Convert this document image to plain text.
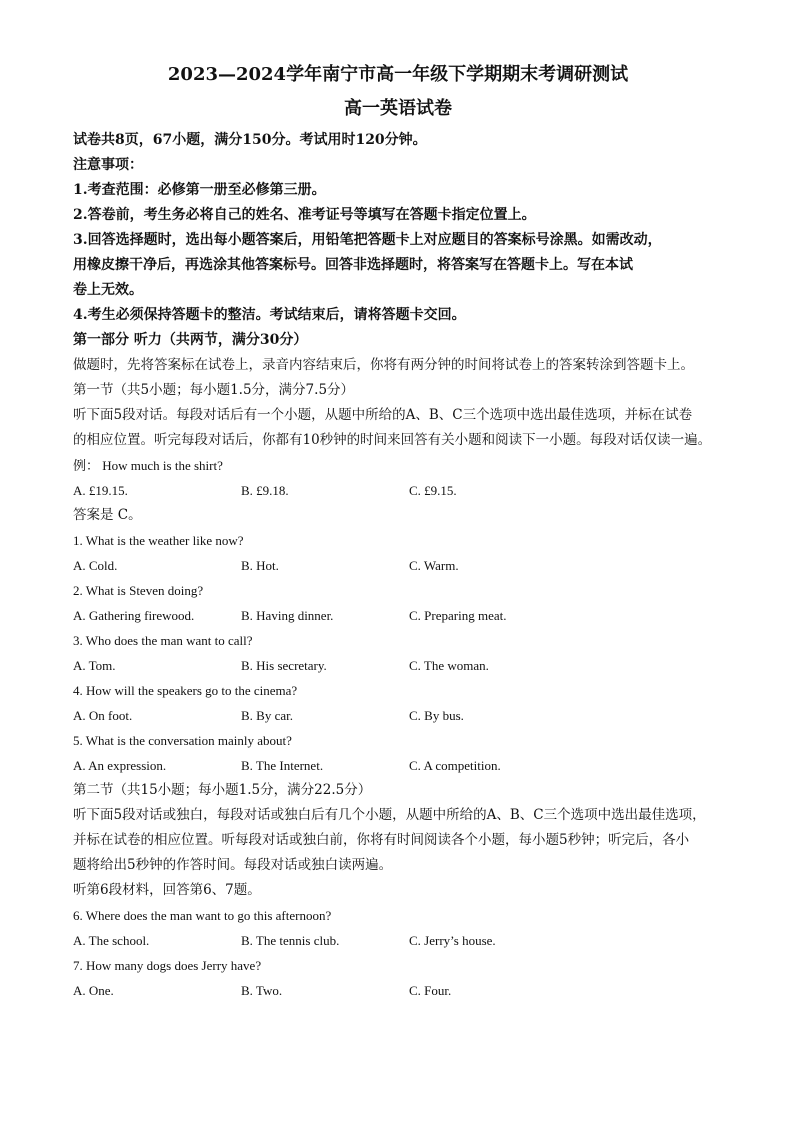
2023—2024学年南宁市高一年级下学期期末考调研测试

高一英语试卷

试卷共8页，67小题，满分150分。考试用时120分钟。

注意事项：

1.考查范围：必修第一册至必修第三册。

2.答卷前，考生务必将自己的姓名、准考证号等填写在答题卡指定位置上。

3.回答选择题时，选出每小题答案后，用铅笔把答题卡上对应题目的答案标号涂黑。如需改动，

用橡皮擦干净后，再选涂其他答案标号。回答非选择题时，将答案写在答题卡上。写在本试

卷上无效。

4.考生必须保持答题卡的整洁。考试结束后，请将答题卡交回。

第一部分 听力（共两节，满分30分）

做题时，先将答案标在试卷上，录音内容结束后，你将有两分钟的时间将试卷上的答案转涂到答题卡上。

第一节（共5小题；每小题1.5分，满分7.5分）

听下面5段对话。每段对话后有一个小题，从题中所给的A、B、C三个选项中选出最佳选项，并标在试卷

的相应位置。听完每段对话后，你都有10秒钟的时间来回答有关小题和阅读下一小题。每段对话仅读一遍。

例： How much is the shirt?

A. £19.15.	B. £9.18.	C. £9.15.

答案是 C。

1. What is the weather like now?

A. Cold.	B. Hot.	C. Warm.

2. What is Steven doing?

A. Gathering firewood.	B. Having dinner.	C. Preparing meat.

3. Who does the man want to call?

A. Tom.	B. His secretary.	C. The woman.

4. How will the speakers go to the cinema?

A. On foot.	B. By car.	C. By bus.

5. What is the conversation mainly about?

A. An expression.	B. The Internet.	C. A competition.

第二节（共15小题；每小题1.5分，满分22.5分）

听下面5段对话或独白，每段对话或独白后有几个小题，从题中所给的A、B、C三个选项中选出最佳选项，

并标在试卷的相应位置。听每段对话或独白前，你将有时间阅读各个小题，每小题5秒钟；听完后，各小

题将给出5秒钟的作答时间。每段对话或独白读两遍。

听第6段材料，回答第6、7题。

6. Where does the man want to go this afternoon?

A. The school.	B. The tennis club.	C. Jerry’s house.

7. How many dogs does Jerry have?

A. One.	B. Two.	C. Four.
